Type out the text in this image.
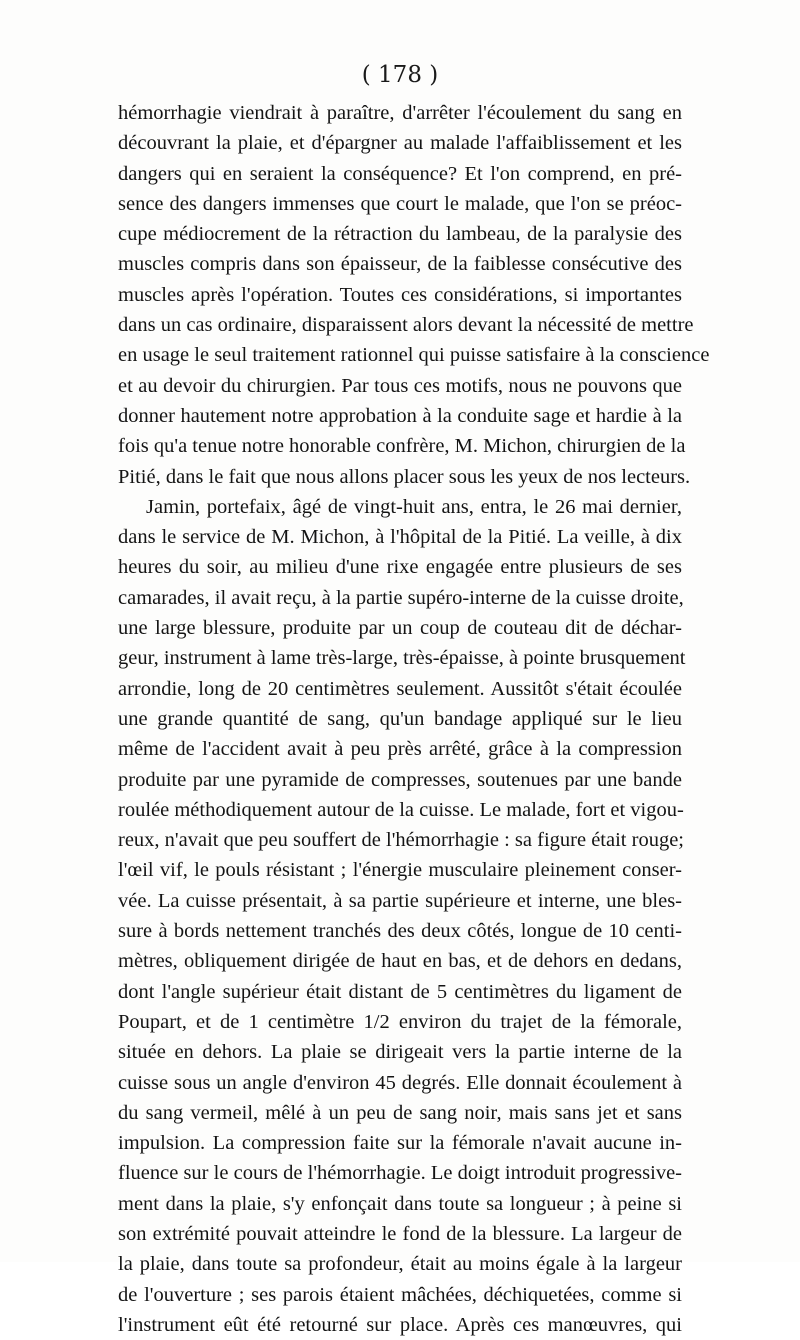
( 178 )
hémorrhagie viendrait à paraître, d'arrêter l'écoulement du sang en
découvrant la plaie, et d'épargner au malade l'affaiblissement et les
dangers qui en seraient la conséquence? Et l'on comprend, en pré-
sence des dangers immenses que court le malade, que l'on se préoc-
cupe médiocrement de la rétraction du lambeau, de la paralysie des
muscles compris dans son épaisseur, de la faiblesse consécutive des
muscles après l'opération. Toutes ces considérations, si importantes
dans un cas ordinaire, disparaissent alors devant la nécessité de mettre
en usage le seul traitement rationnel qui puisse satisfaire à la conscience
et au devoir du chirurgien. Par tous ces motifs, nous ne pouvons que
donner hautement notre approbation à la conduite sage et hardie à la
fois qu'a tenue notre honorable confrère, M. Michon, chirurgien de la
Pitié, dans le fait que nous allons placer sous les yeux de nos lecteurs.
Jamin, portefaix, âgé de vingt-huit ans, entra, le 26 mai dernier,
dans le service de M. Michon, à l'hôpital de la Pitié. La veille, à dix
heures du soir, au milieu d'une rixe engagée entre plusieurs de ses
camarades, il avait reçu, à la partie supéro-interne de la cuisse droite,
une large blessure, produite par un coup de couteau dit de déchar-
geur, instrument à lame très-large, très-épaisse, à pointe brusquement
arrondie, long de 20 centimètres seulement. Aussitôt s'était écoulée
une grande quantité de sang, qu'un bandage appliqué sur le lieu
même de l'accident avait à peu près arrêté, grâce à la compression
produite par une pyramide de compresses, soutenues par une bande
roulée méthodiquement autour de la cuisse. Le malade, fort et vigou-
reux, n'avait que peu souffert de l'hémorrhagie : sa figure était rouge;
l'œil vif, le pouls résistant ; l'énergie musculaire pleinement conser-
vée. La cuisse présentait, à sa partie supérieure et interne, une bles-
sure à bords nettement tranchés des deux côtés, longue de 10 centi-
mètres, obliquement dirigée de haut en bas, et de dehors en dedans,
dont l'angle supérieur était distant de 5 centimètres du ligament de
Poupart, et de 1 centimètre 1/2 environ du trajet de la fémorale,
située en dehors. La plaie se dirigeait vers la partie interne de la
cuisse sous un angle d'environ 45 degrés. Elle donnait écoulement à
du sang vermeil, mêlé à un peu de sang noir, mais sans jet et sans
impulsion. La compression faite sur la fémorale n'avait aucune in-
fluence sur le cours de l'hémorrhagie. Le doigt introduit progressive-
ment dans la plaie, s'y enfonçait dans toute sa longueur ; à peine si
son extrémité pouvait atteindre le fond de la blessure. La largeur de
la plaie, dans toute sa profondeur, était au moins égale à la largeur
de l'ouverture ; ses parois étaient mâchées, déchiquetées, comme si
l'instrument eût été retourné sur place. Après ces manœuvres, qui
